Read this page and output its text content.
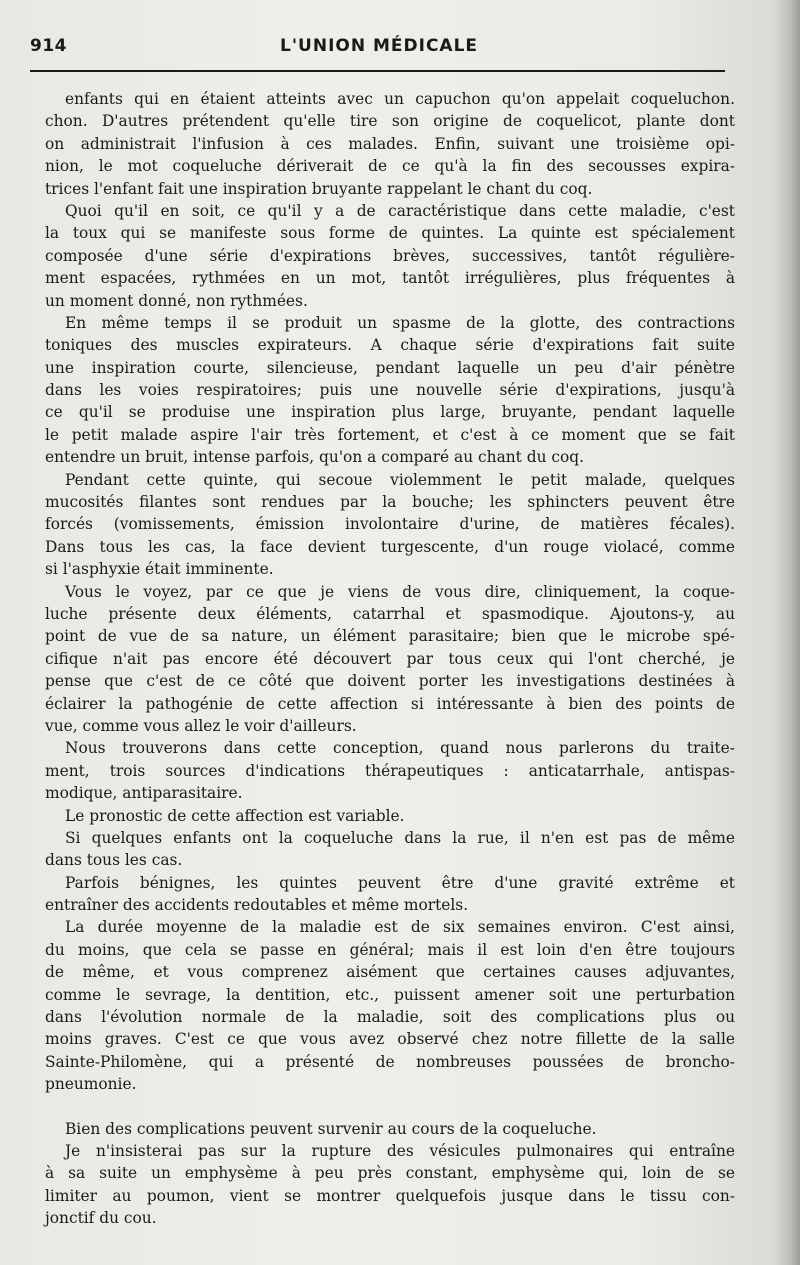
914	L'UNION MÉDICALE
enfants qui en étaient atteints avec un capuchon qu'on appelait coqueluchon.
chon. D'autres prétendent qu'elle tire son origine de coquelicot, plante dont
on administrait l'infusion à ces malades. Enfin, suivant une troisième opi-
nion, le mot coqueluche dériverait de ce qu'à la fin des secousses expira-
trices l'enfant fait une inspiration bruyante rappelant le chant du coq.
Quoi qu'il en soit, ce qu'il y a de caractéristique dans cette maladie, c'est
la toux qui se manifeste sous forme de quintes. La quinte est spécialement
composée d'une série d'expirations brèves, successives, tantôt régulière-
ment espacées, rythmées en un mot, tantôt irrégulières, plus fréquentes à
un moment donné, non rythmées.
En même temps il se produit un spasme de la glotte, des contractions
toniques des muscles expirateurs. A chaque série d'expirations fait suite
une inspiration courte, silencieuse, pendant laquelle un peu d'air pénètre
dans les voies respiratoires; puis une nouvelle série d'expirations, jusqu'à
ce qu'il se produise une inspiration plus large, bruyante, pendant laquelle
le petit malade aspire l'air très fortement, et c'est à ce moment que se fait
entendre un bruit, intense parfois, qu'on a comparé au chant du coq.
Pendant cette quinte, qui secoue violemment le petit malade, quelques
mucosités filantes sont rendues par la bouche; les sphincters peuvent être
forcés (vomissements, émission involontaire d'urine, de matières fécales).
Dans tous les cas, la face devient turgescente, d'un rouge violacé, comme
si l'asphyxie était imminente.
Vous le voyez, par ce que je viens de vous dire, cliniquement, la coque-
luche présente deux éléments, catarrhal et spasmodique. Ajoutons-y, au
point de vue de sa nature, un élément parasitaire; bien que le microbe spé-
cifique n'ait pas encore été découvert par tous ceux qui l'ont cherché, je
pense que c'est de ce côté que doivent porter les investigations destinées à
éclairer la pathogénie de cette affection si intéressante à bien des points de
vue, comme vous allez le voir d'ailleurs.
Nous trouverons dans cette conception, quand nous parlerons du traite-
ment, trois sources d'indications thérapeutiques : anticatarrhale, antispas-
modique, antiparasitaire.
Le pronostic de cette affection est variable.
Si quelques enfants ont la coqueluche dans la rue, il n'en est pas de même
dans tous les cas.
Parfois bénignes, les quintes peuvent être d'une gravité extrême et
entraîner des accidents redoutables et même mortels.
La durée moyenne de la maladie est de six semaines environ. C'est ainsi,
du moins, que cela se passe en général; mais il est loin d'en être toujours
de même, et vous comprenez aisément que certaines causes adjuvantes,
comme le sevrage, la dentition, etc., puissent amener soit une perturbation
dans l'évolution normale de la maladie, soit des complications plus ou
moins graves. C'est ce que vous avez observé chez notre fillette de la salle
Sainte-Philomène, qui a présenté de nombreuses poussées de broncho-
pneumonie.
Bien des complications peuvent survenir au cours de la coqueluche.
Je n'insisterai pas sur la rupture des vésicules pulmonaires qui entraîne
à sa suite un emphysème à peu près constant, emphysème qui, loin de se
limiter au poumon, vient se montrer quelquefois jusque dans le tissu con-
jonctif du cou.
